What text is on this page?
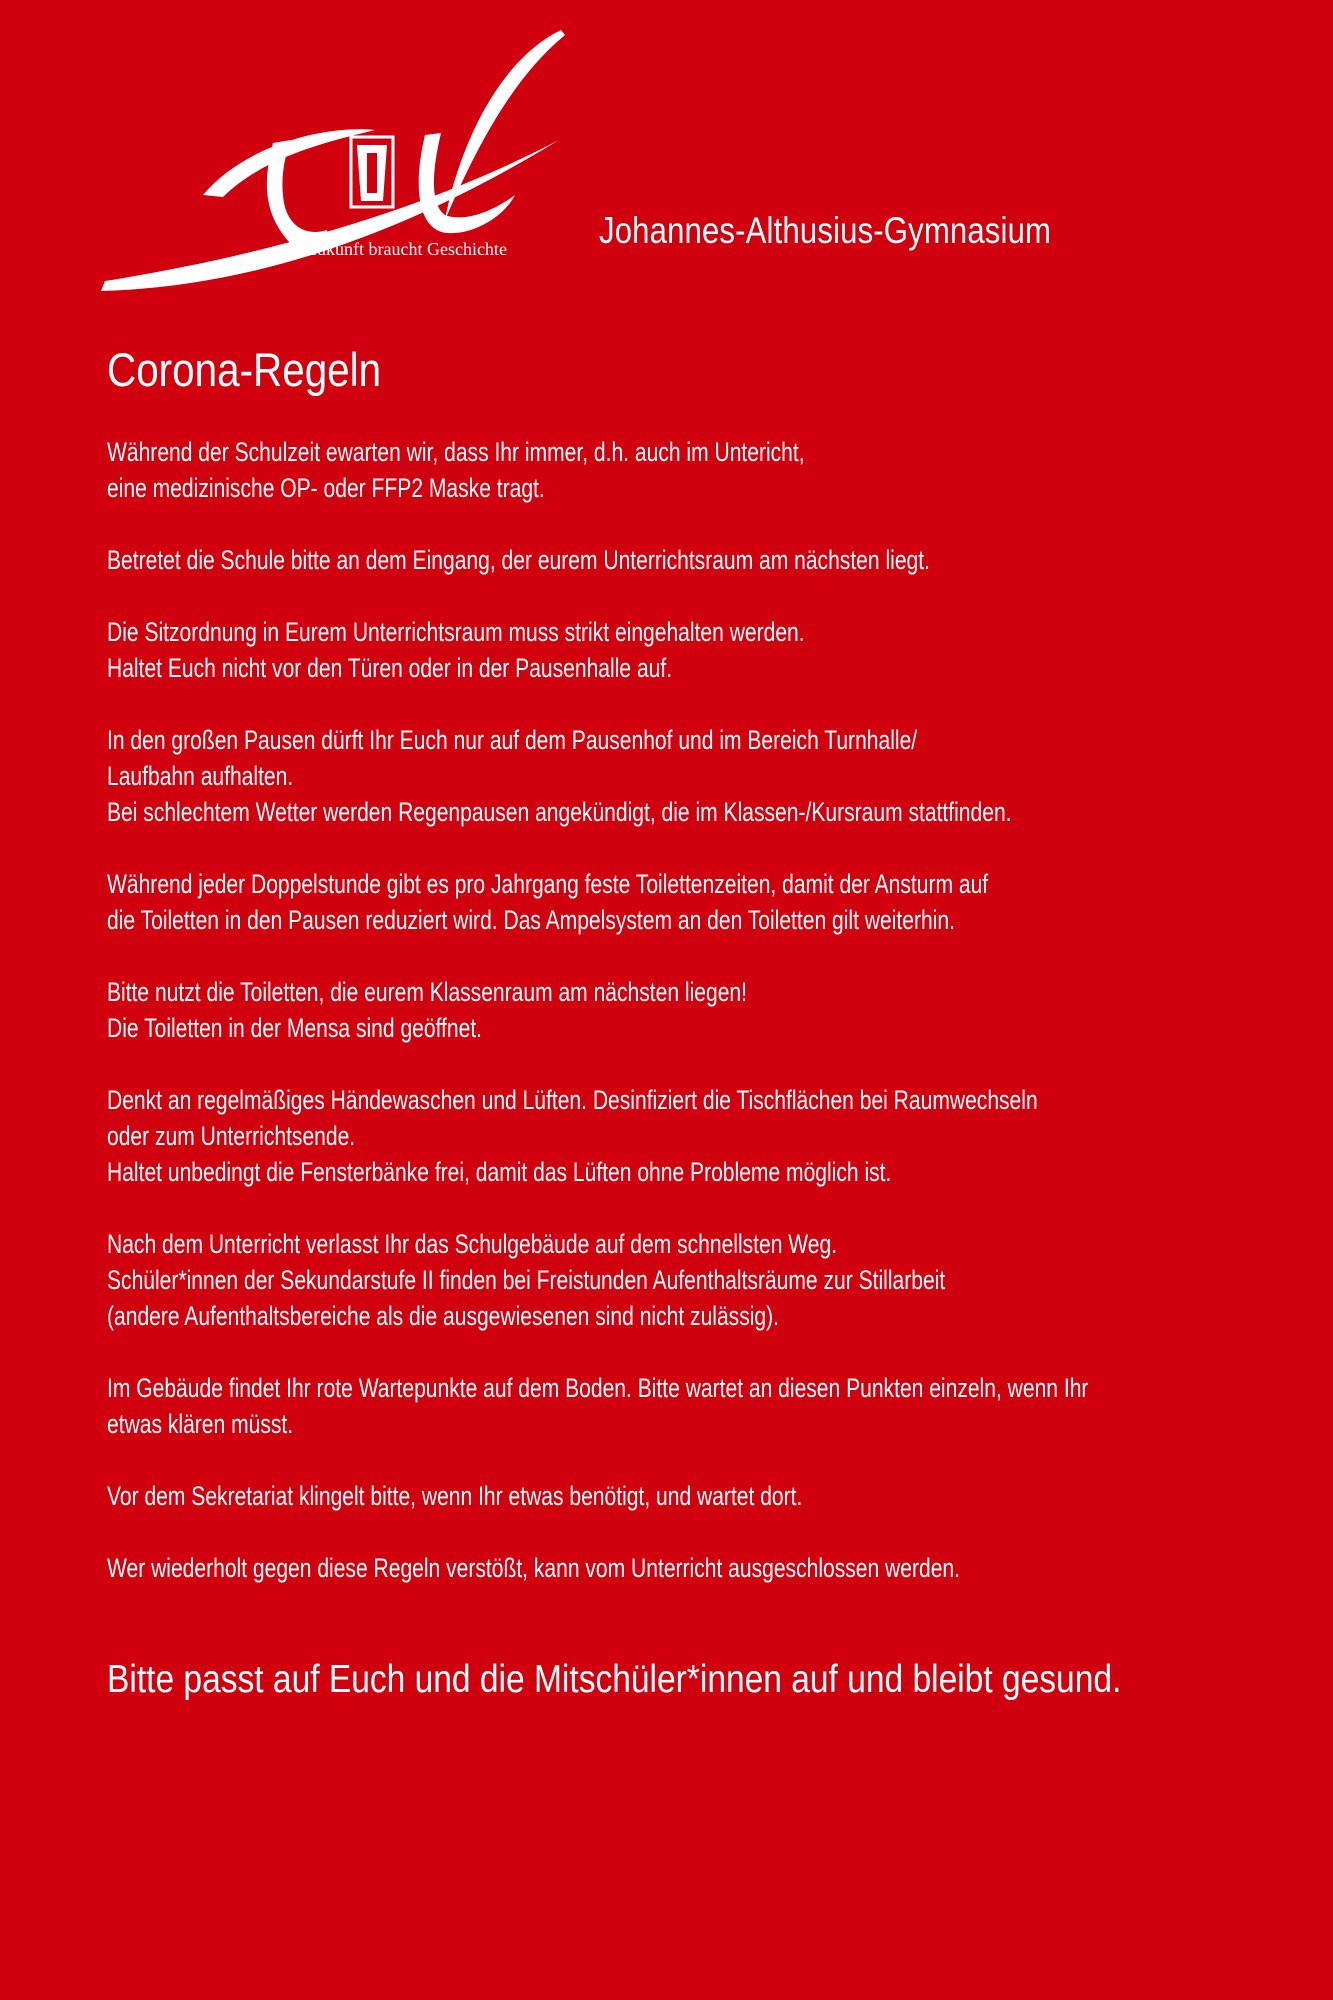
Zukunft braucht Geschichte Johannes-Althusius-Gymnasium
Corona-Regeln
Während der Schulzeit ewarten wir, dass Ihr immer, d.h. auch im Untericht,
eine medizinische OP- oder FFP2 Maske tragt.
Betretet die Schule bitte an dem Eingang, der eurem Unterrichtsraum am nächsten liegt.
Die Sitzordnung in Eurem Unterrichtsraum muss strikt eingehalten werden.
Haltet Euch nicht vor den Türen oder in der Pausenhalle auf.
In den großen Pausen dürft Ihr Euch nur auf dem Pausenhof und im Bereich Turnhalle/
Laufbahn aufhalten.
Bei schlechtem Wetter werden Regenpausen angekündigt, die im Klassen-/Kursraum stattfinden.
Während jeder Doppelstunde gibt es pro Jahrgang feste Toilettenzeiten, damit der Ansturm auf
die Toiletten in den Pausen reduziert wird. Das Ampelsystem an den Toiletten gilt weiterhin.
Bitte nutzt die Toiletten, die eurem Klassenraum am nächsten liegen!
Die Toiletten in der Mensa sind geöffnet.
Denkt an regelmäßiges Händewaschen und Lüften. Desinfiziert die Tischflächen bei Raumwechseln
oder zum Unterrichtsende.
Haltet unbedingt die Fensterbänke frei, damit das Lüften ohne Probleme möglich ist.
Nach dem Unterricht verlasst Ihr das Schulgebäude auf dem schnellsten Weg.
Schüler*innen der Sekundarstufe II finden bei Freistunden Aufenthaltsräume zur Stillarbeit
(andere Aufenthaltsbereiche als die ausgewiesenen sind nicht zulässig).
Im Gebäude findet Ihr rote Wartepunkte auf dem Boden. Bitte wartet an diesen Punkten einzeln, wenn Ihr
etwas klären müsst.
Vor dem Sekretariat klingelt bitte, wenn Ihr etwas benötigt, und wartet dort.
Wer wiederholt gegen diese Regeln verstößt, kann vom Unterricht ausgeschlossen werden.
Bitte passt auf Euch und die Mitschüler*innen auf und bleibt gesund.
